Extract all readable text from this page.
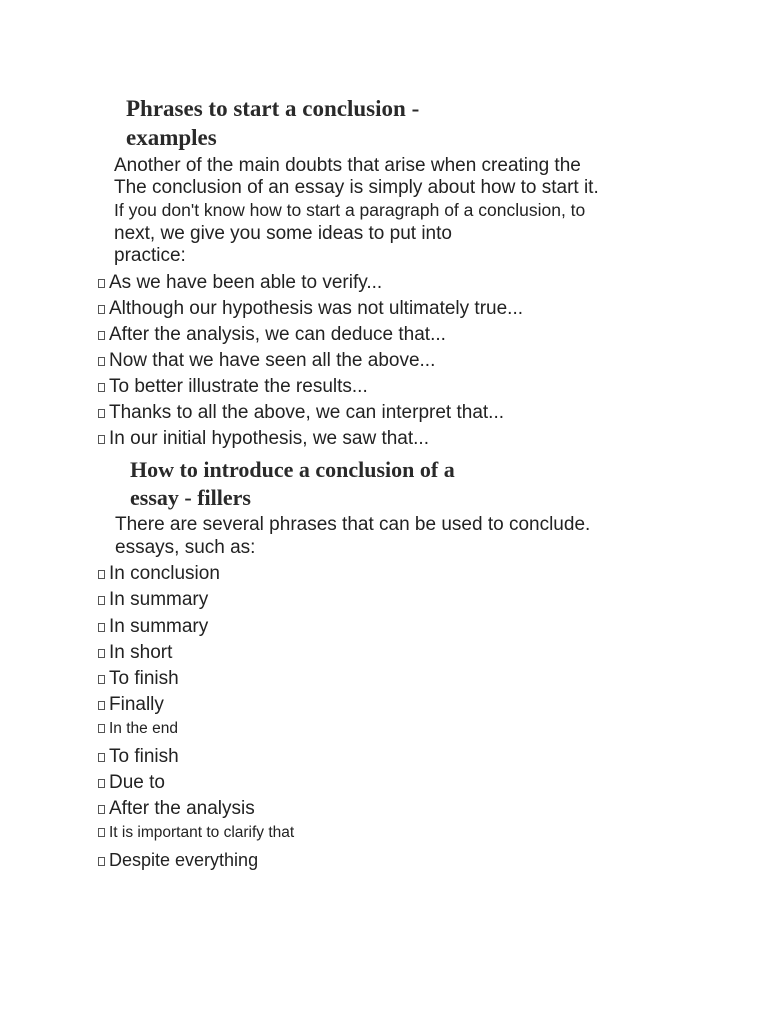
Phrases to start a conclusion -
examples
Another of the main doubts that arise when creating the
The conclusion of an essay is simply about how to start it.
If you don't know how to start a paragraph of a conclusion, to
next, we give you some ideas to put into
practice:
As we have been able to verify...
Although our hypothesis was not ultimately true...
After the analysis, we can deduce that...
Now that we have seen all the above...
To better illustrate the results...
Thanks to all the above, we can interpret that...
In our initial hypothesis, we saw that...
How to introduce a conclusion of a
essay - fillers
There are several phrases that can be used to conclude.
essays, such as:
In conclusion
In summary
In summary
In short
To finish
Finally
In the end
To finish
Due to
After the analysis
It is important to clarify that
Despite everything
